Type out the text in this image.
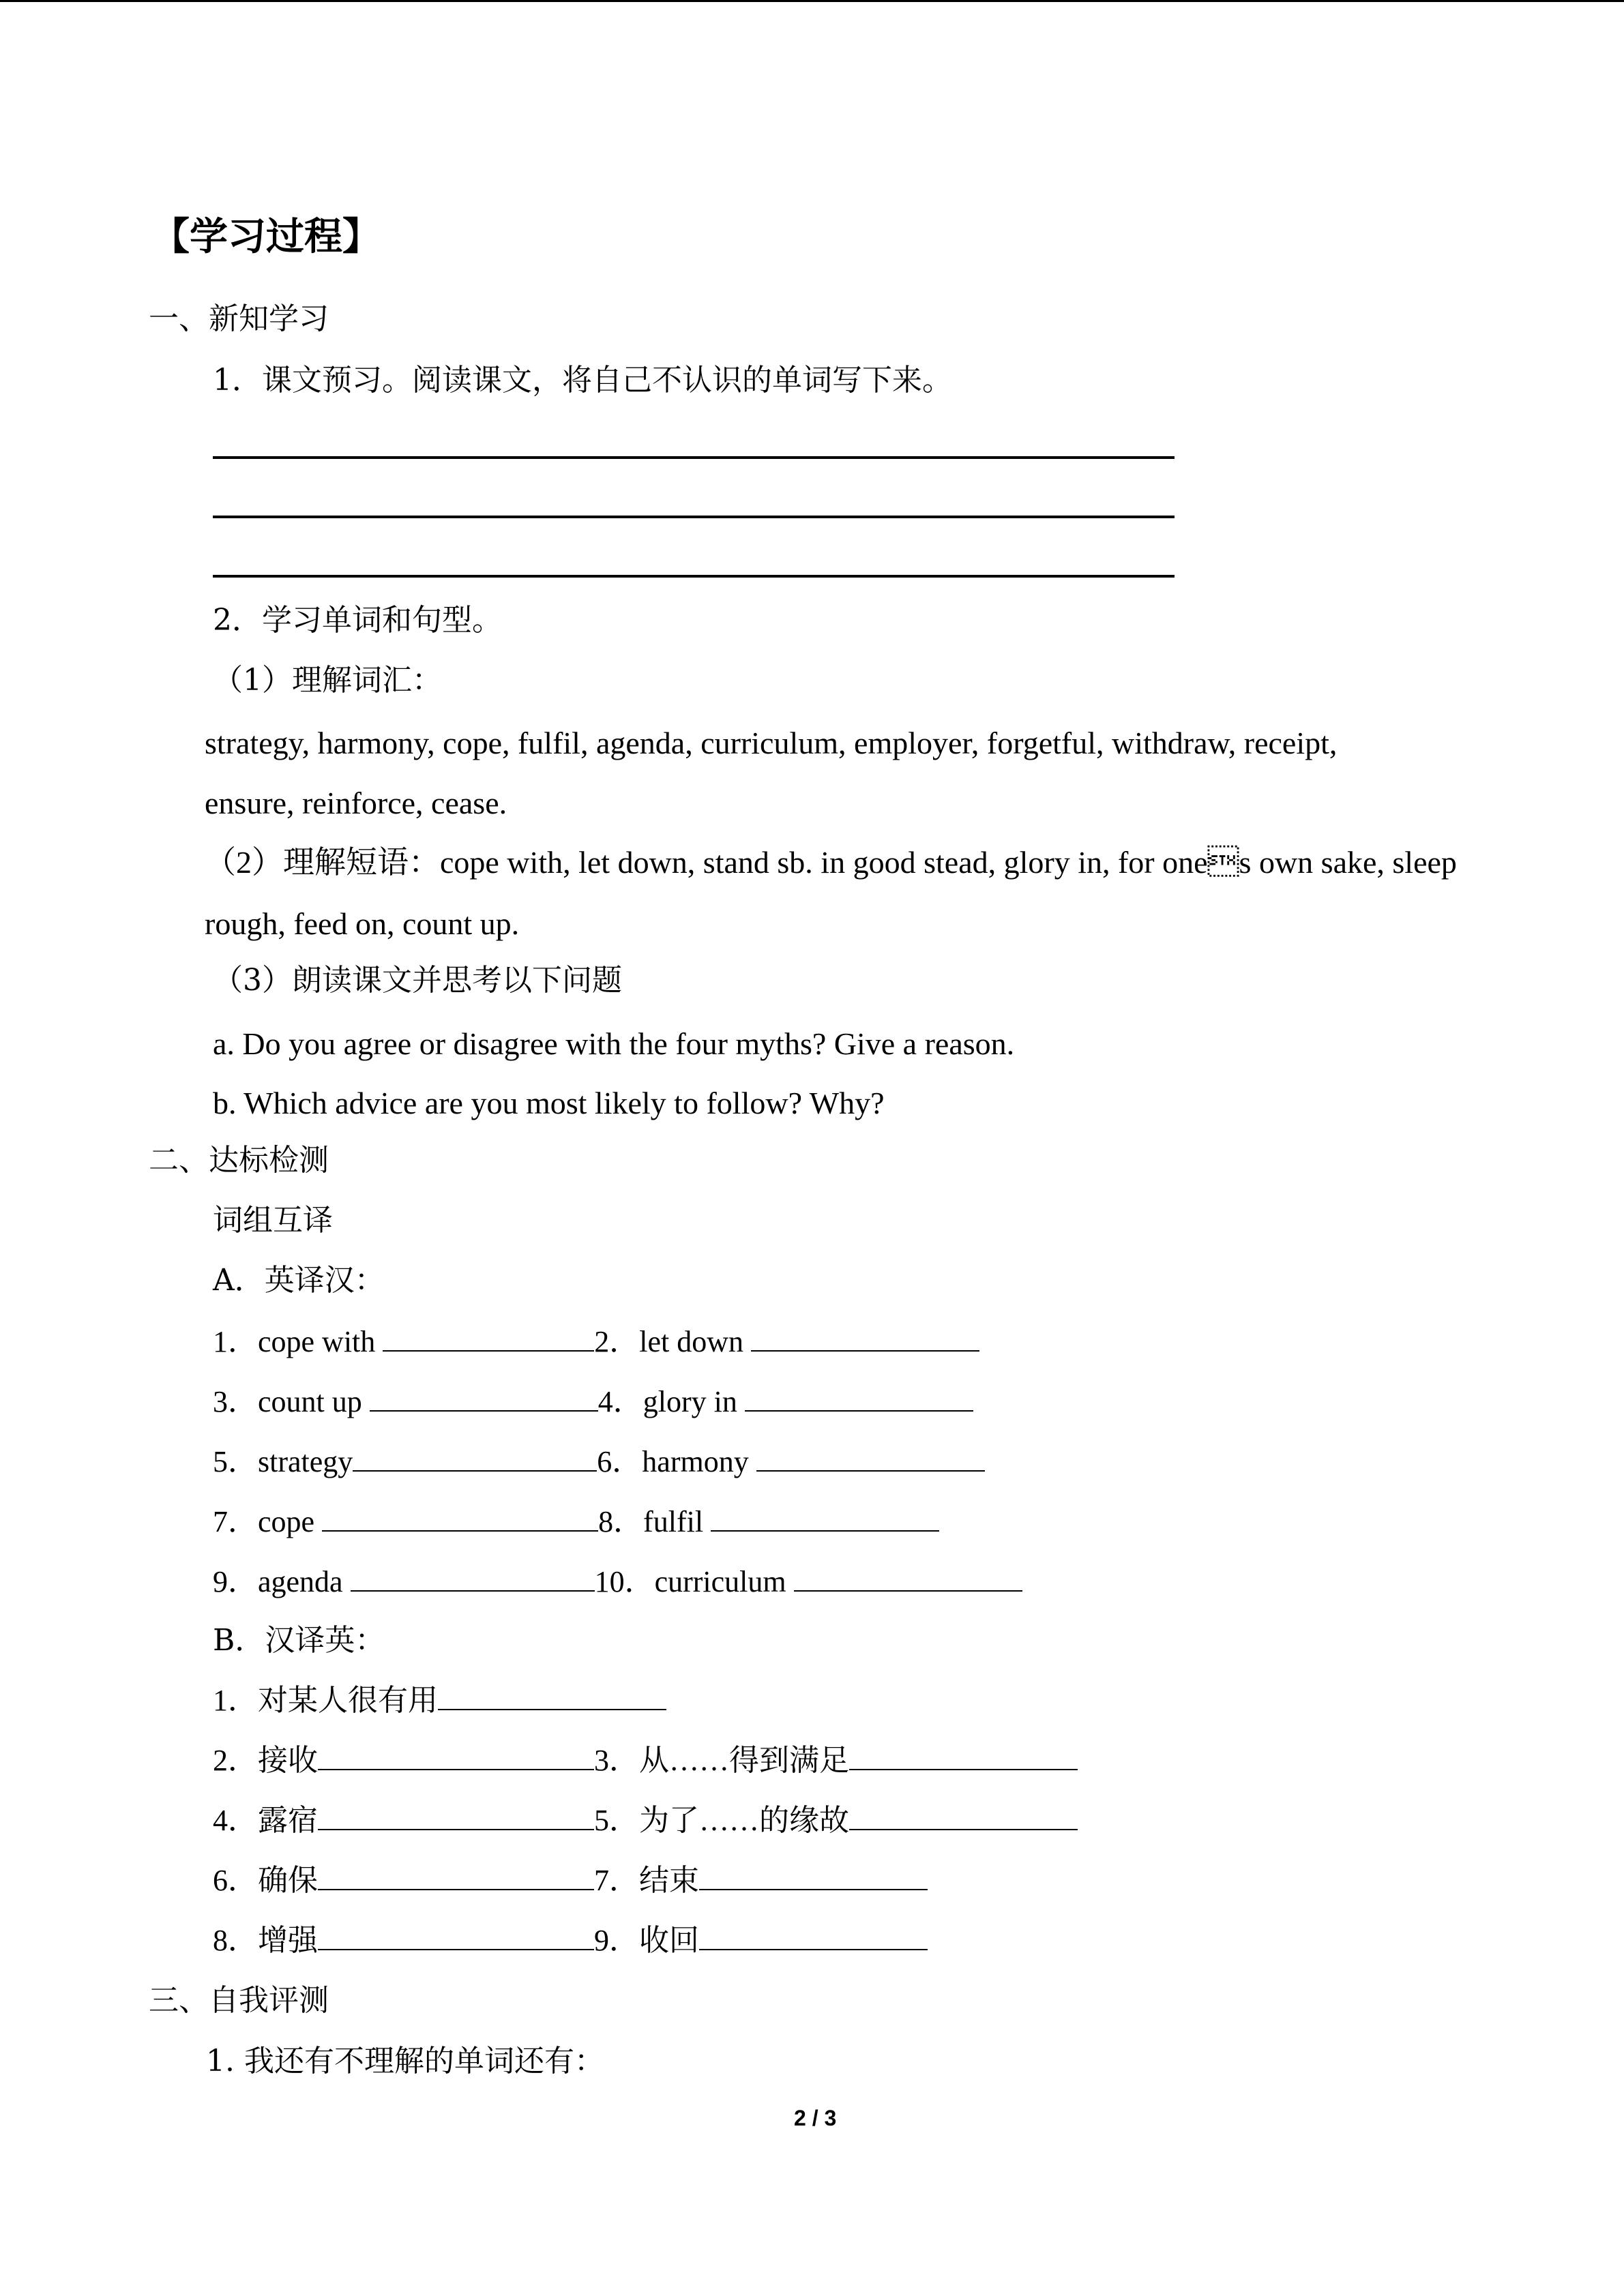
【学习过程】
一、新知学习
1．课文预习。阅读课文，将自己不认识的单词写下来。
2．学习单词和句型。
（1）理解词汇：
strategy, harmony, cope, fulfil, agenda, curriculum, employer, forgetful, withdraw, receipt,
ensure, reinforce, cease.
（2）理解短语：cope with, let down, stand sb. in good stead, glory in, for ones own sake, sleep
rough, feed on, count up.
（3）朗读课文并思考以下问题
a. Do you agree or disagree with the four myths? Give a reason.
b. Which advice are you most likely to follow? Why?
二、达标检测
词组互译
A．英译汉：
1．cope with	2．let down
3．count up	4．glory in
5．strategy	6．harmony
7．cope	8．fulfil
9．agenda	10．curriculum
B．汉译英：
1．对某人很有用
2．接收	3．从……得到满足
4．露宿	5．为了……的缘故
6．确保	7．结束
8．增强	9．收回
三、自我评测
1. 我还有不理解的单词还有：
2 / 3
